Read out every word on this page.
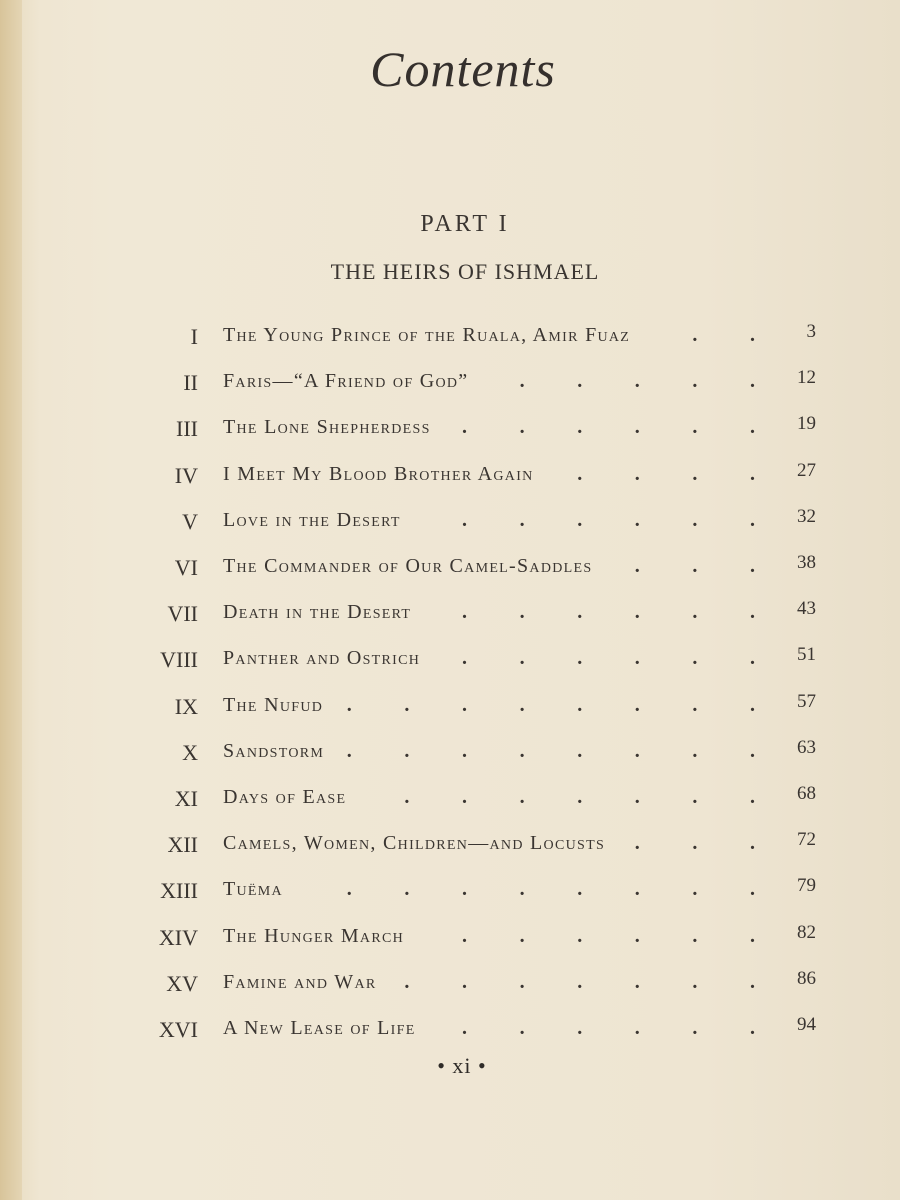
Contents
PART I
THE HEIRS OF ISHMAEL
I The Young Prince of the Ruala, Amir Fuaz	3
.
.
II Faris—“A Friend of God”	12
.
.
.
.
.
III The Lone Shepherdess	19
.
.
.
.
.
.
IV I Meet My Blood Brother Again	27
.
.
.
.
V Love in the Desert	32
.
.
.
.
.
.
VI The Commander of Our Camel-Saddles	38
.
.
.
VII Death in the Desert	43
.
.
.
.
.
.
VIII Panther and Ostrich	51
.
.
.
.
.
.
IX The Nufud	57
.
.
.
.
.
.
.
.
X Sandstorm	63
.
.
.
.
.
.
.
.
XI Days of Ease	68
.
.
.
.
.
.
.
XII Camels, Women, Children—and Locusts	72
.
.
.
XIII Tuëma	79
.
.
.
.
.
.
.
.
XIV The Hunger March	82
.
.
.
.
.
.
XV Famine and War	86
.
.
.
.
.
.
.
XVI A New Lease of Life	94
.
.
.
.
.
.
• xi •
